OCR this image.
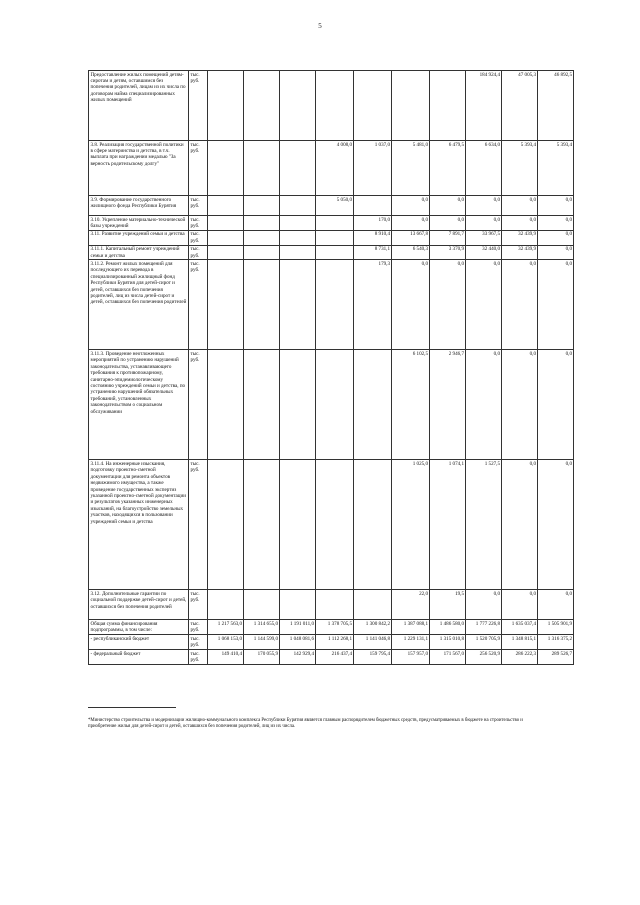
5
Предоставление жилых помещений детям-сиротам и детям, оставшимся без попечения родителей, лицам из их числа по договорам найма специализированных жилых помещений	тыс. руб.								184 924,4	47 005,3	46 892,5
3.8. Реализация государственной политики в сфере материнства и детства, в т.ч. выплата при награждении медалью "За верность родительскому долгу"	тыс. руб.				4 008,0	1 037,0	5 481,0	6 479,5	6 634,0	5 393,4	5 393,4
3.9. Формирование государственного жилищного фонда Республики Бурятия	тыс. руб.				5 050,0		0,0	0,0	0,0	0,0	0,0
3.10. Укрепление материально-технической базы учреждений	тыс. руб.					170,0	0,0	0,0	0,0	0,0	0,0
3.11. Развитие учреждений семьи и детства	тыс. руб.					8 910,4	13 667,8	7 891,7	33 967,5	32 439,9	0,0
3.11.1. Капитальный ремонт учреждений семьи и детства	тыс. руб.					8 731,1	6 540,3	3 370,9	32 440,0	32 439,9	0,0
3.11.2. Ремонт жилых помещений для последующего их перевода в специализированный жилищный фонд Республики Бурятия для детей-сирот и детей, оставшихся без попечения родителей, лиц из числа детей-сирот и детей, оставшихся без попечения родителей	тыс. руб.					179,3	0,0	0,0	0,0	0,0	0,0
3.11.3. Проведение неотложенных мероприятий по устранению нарушений законодательства, устанавливающего требования к противопожарному, санитарно-эпидемиологическому состоянию учреждений семьи и детства, по устранению нарушений обязательных требований, установленных законодательством о социальном обслуживании	тыс. руб.						6 102,5	2 946,7	0,0	0,0	0,0
3.11.4. На инженерные изыскания, подготовку проектно-сметной документации для ремонта объектов недвижимого имущества, а также проведение государственных экспертиз указанной проектно-сметной документации и результатов указанных инженерных изысканий, на благоустройство земельных участков, находящихся в пользовании учреждений семьи и детства	тыс. руб.						1 025,0	1 074,1	1 527,5	0,0	0,0
3.12. Дополнительные гарантии по социальной поддержке детей-сирот и детей, оставшихся без попечения родителей	тыс. руб.						22,0	19,5	0,0	0,0	0,0
Общая сумма финансирования подпрограммы, в том числе:	тыс. руб.	1 217 563,0	1 314 655,0	1 191 011,0	1 378 705,5	1 300 842,2	1 387 088,1	1 486 580,0	1 777 226,8	1 635 037,4	1 505 901,9
- республиканский бюджет	тыс. руб.	1 068 153,0	1 144 599,0	1 048 081,6	1 112 268,1	1 141 046,8	1 229 131,1	1 315 010,8	1 520 705,9	1 348 815,1	1 316 375,2
- федеральный бюджет	тыс. руб.	149 410,4	170 055,9	142 929,4	216 437,4	159 795,4	157 957,0	171 567,0	256 520,9	286 222,3	289 526,7
*Министерство строительства и модернизации жилищно-коммунального комплекса Республики Бурятия является главным распорядителем бюджетных средств, предусматриваемых в бюджете на строительство и приобретение жилья для детей-сирот и детей, оставшихся без попечения родителей, лиц из их числа.
